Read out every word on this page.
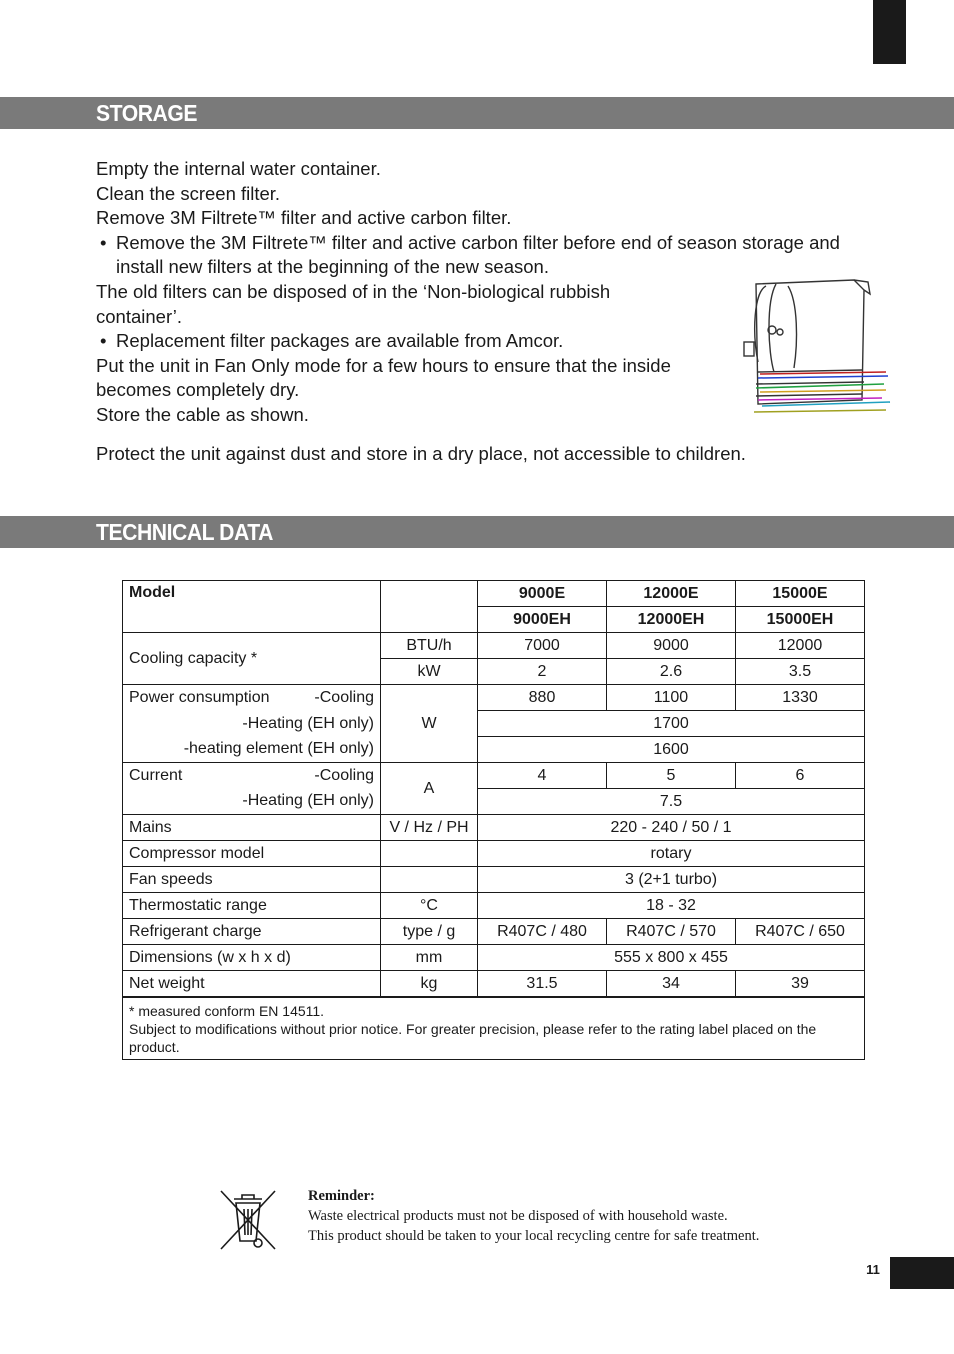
STORAGE

Empty the internal water container.

Clean the screen filter.

Remove 3M Filtrete™ filter and active carbon filter.

• Remove the 3M Filtrete™ filter and active carbon filter before end of season storage and
install new filters at the beginning of the new season.

The old filters can be disposed of in the ‘Non-biological rubbish

container’.

• Replacement filter packages are available from Amcor.

Put the unit in Fan Only mode for a few hours to ensure that the inside

becomes completely dry.

Store the cable as shown.

Protect the unit against dust and store in a dry place, not accessible to children.

TECHNICAL DATA
Model		9000E	12000E	15000E
		9000EH	12000EH	15000EH
Cooling capacity *	BTU/h	7000	9000	12000
	kW	2	2.6	3.5

Power consumption -Cooling	W	880	1100	1330

-Heating (EH only)		1700		

-heating element (EH only)		1600		

Current -Cooling	A	4	5	6

-Heating (EH only)		7.5		
Mains	V / Hz / PH	220 - 240 / 50 / 1		
Compressor model		rotary		
Fan speeds		3 (2+1 turbo)		
Thermostatic range	°C	18 - 32		
Refrigerant charge	type / g	R407C / 480	R407C / 570	R407C / 650
Dimensions (w x h x d)	mm	555 x 800 x 455		
Net weight	kg	31.5	34	39

* measured conform EN 14511.
Subject to modifications without prior notice. For greater precision, please refer to the rating label placed on the product.				
Reminder:
Waste electrical products must not be disposed of with household waste.
This product should be taken to your local recycling centre for safe treatment.
11
